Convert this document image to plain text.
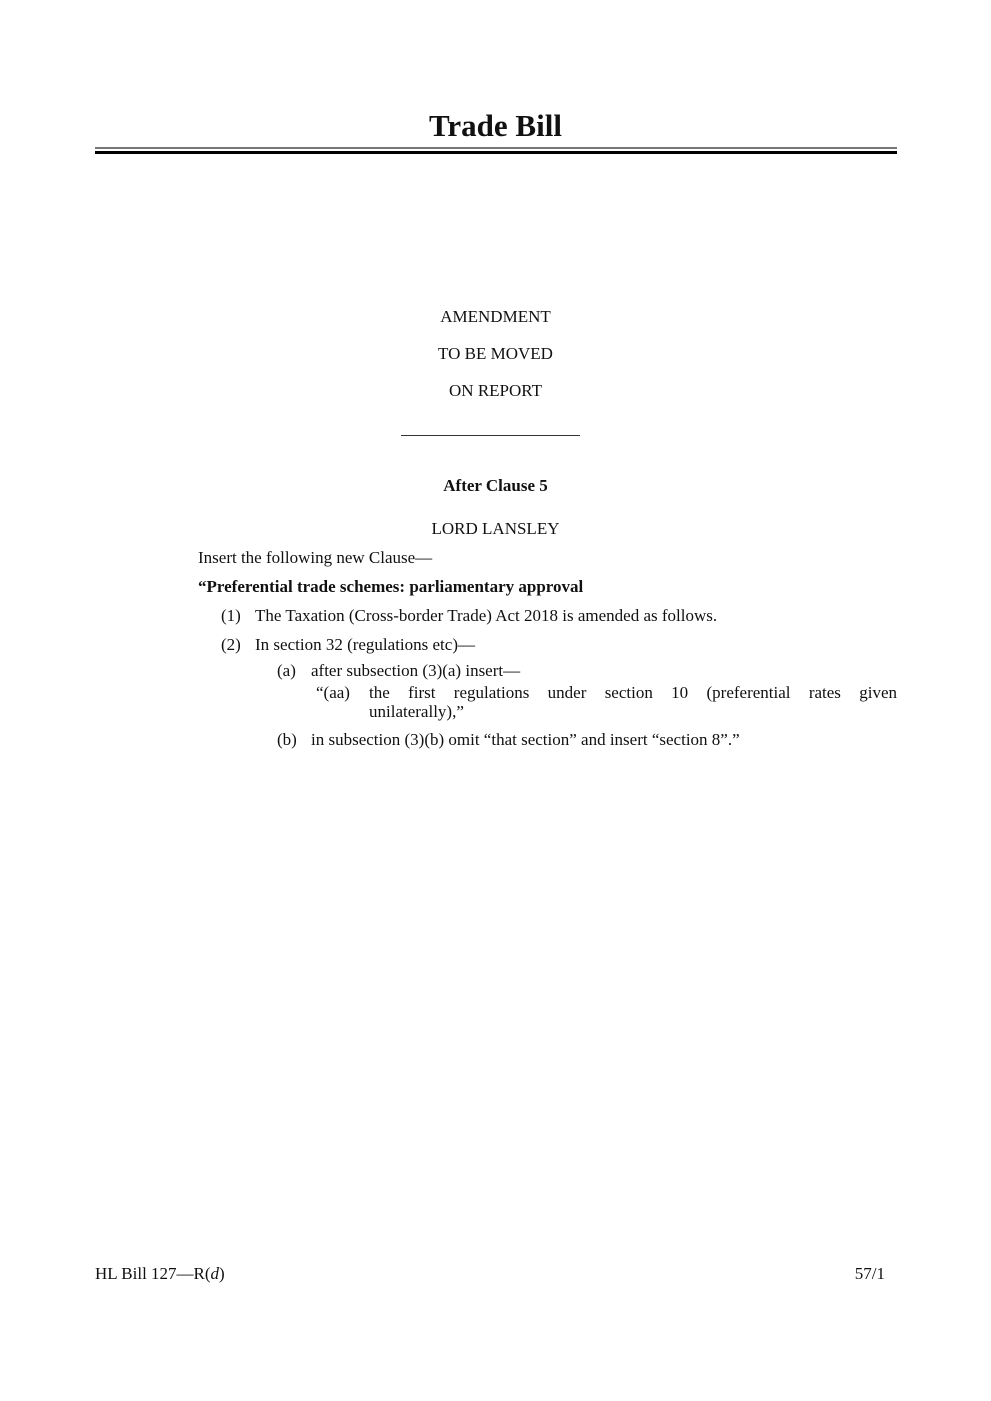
Trade Bill
AMENDMENT
TO BE MOVED
ON REPORT
After Clause 5
LORD LANSLEY
Insert the following new Clause—
“Preferential trade schemes: parliamentary approval
(1) The Taxation (Cross-border Trade) Act 2018 is amended as follows.
(2) In section 32 (regulations etc)—
(a) after subsection (3)(a) insert—
“(aa) the first regulations under section 10 (preferential rates given
unilaterally),”
(b) in subsection (3)(b) omit “that section” and insert “section 8”.”
HL Bill 127—R(d)	57/1
